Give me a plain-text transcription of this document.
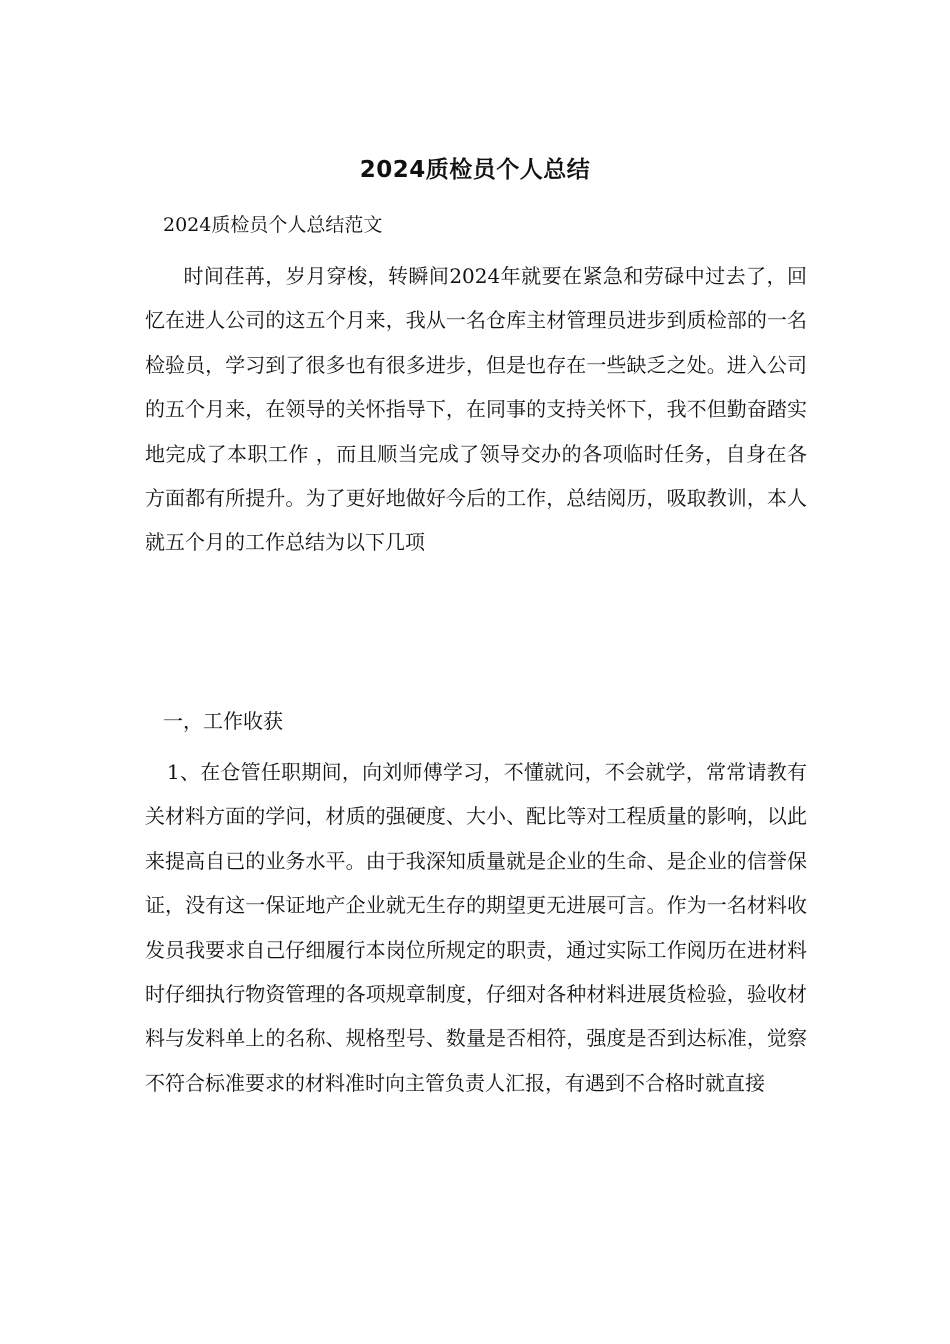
2024质检员个人总结
2024质检员个人总结范文
时间荏苒，岁月穿梭，转瞬间2024年就要在紧急和劳碌中过去了，回忆在进人公司的这五个月来，我从一名仓库主材管理员进步到质检部的一名检验员，学习到了很多也有很多进步，但是也存在一些缺乏之处。进入公司的五个月来，在领导的关怀指导下，在同事的支持关怀下，我不但勤奋踏实地完成了本职工作 ，而且顺当完成了领导交办的各项临时任务，自身在各方面都有所提升。为了更好地做好今后的工作，总结阅历，吸取教训，本人就五个月的工作总结为以下几项
一，工作收获
1、在仓管任职期间，向刘师傅学习，不懂就问，不会就学，常常请教有关材料方面的学问，材质的强硬度、大小、配比等对工程质量的影响，以此来提高自已的业务水平。由于我深知质量就是企业的生命、是企业的信誉保证，没有这一保证地产企业就无生存的期望更无进展可言。作为一名材料收发员我要求自己仔细履行本岗位所规定的职责，通过实际工作阅历在进材料时仔细执行物资管理的各项规章制度，仔细对各种材料进展货检验，验收材料与发料单上的名称、规格型号、数量是否相符，强度是否到达标准，觉察不符合标准要求的材料准时向主管负责人汇报，有遇到不合格时就直接
